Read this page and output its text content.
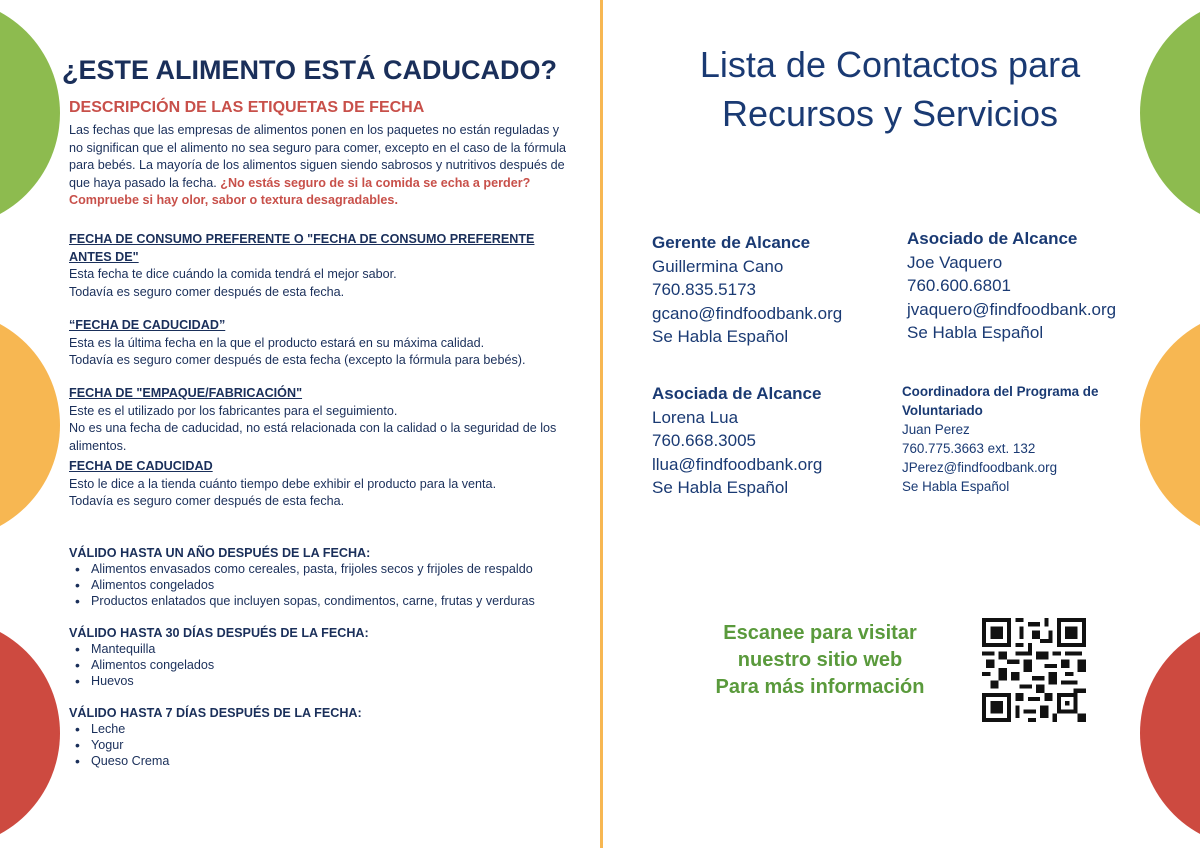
¿ESTE ALIMENTO ESTÁ CADUCADO?
DESCRIPCIÓN DE LAS ETIQUETAS DE FECHA
Las fechas que las empresas de alimentos ponen en los paquetes no están reguladas y no significan que el alimento no sea seguro para comer, excepto en el caso de la fórmula para bebés. La mayoría de los alimentos siguen siendo sabrosos y nutritivos después de que haya pasado la fecha. ¿No estás seguro de si la comida se echa a perder? Compruebe si hay olor, sabor o textura desagradables.
FECHA DE CONSUMO PREFERENTE O "FECHA DE CONSUMO PREFERENTE ANTES DE"

Esta fecha te dice cuándo la comida tendrá el mejor sabor.

Todavía es seguro comer después de esta fecha.

“FECHA DE CADUCIDAD”

Esta es la última fecha en la que el producto estará en su máxima calidad.

Todavía es seguro comer después de esta fecha (excepto la fórmula para bebés).

FECHA DE "EMPAQUE/FABRICACIÓN"

Este es el utilizado por los fabricantes para el seguimiento.

No es una fecha de caducidad, no está relacionada con la calidad o la seguridad de los alimentos.

FECHA DE CADUCIDAD

Esto le dice a la tienda cuánto tiempo debe exhibir el producto para la venta.

Todavía es seguro comer después de esta fecha.

VÁLIDO HASTA UN AÑO DESPUÉS DE LA FECHA:
• Alimentos envasados como cereales, pasta, frijoles secos y frijoles de respaldo
• Alimentos congelados
• Productos enlatados que incluyen sopas, condimentos, carne, frutas y verduras
VÁLIDO HASTA 30 DÍAS DESPUÉS DE LA FECHA:
• Mantequilla
• Alimentos congelados
• Huevos
VÁLIDO HASTA 7 DÍAS DESPUÉS DE LA FECHA:
• Leche
• Yogur
• Queso Crema
Lista de Contactos para
Recursos y Servicios
Gerente de Alcance
Guillermina Cano
760.835.5173
gcano@findfoodbank.org
Se Habla Español
Asociado de Alcance
Joe Vaquero
760.600.6801
jvaquero@findfoodbank.org
Se Habla Español
Asociada de Alcance
Lorena Lua
760.668.3005
llua@findfoodbank.org
Se Habla Español
Coordinadora del Programa de
Voluntariado
Juan Perez
760.775.3663 ext. 132
JPerez@findfoodbank.org
Se Habla Español
Escanee para visitar
nuestro sitio web
Para más información
